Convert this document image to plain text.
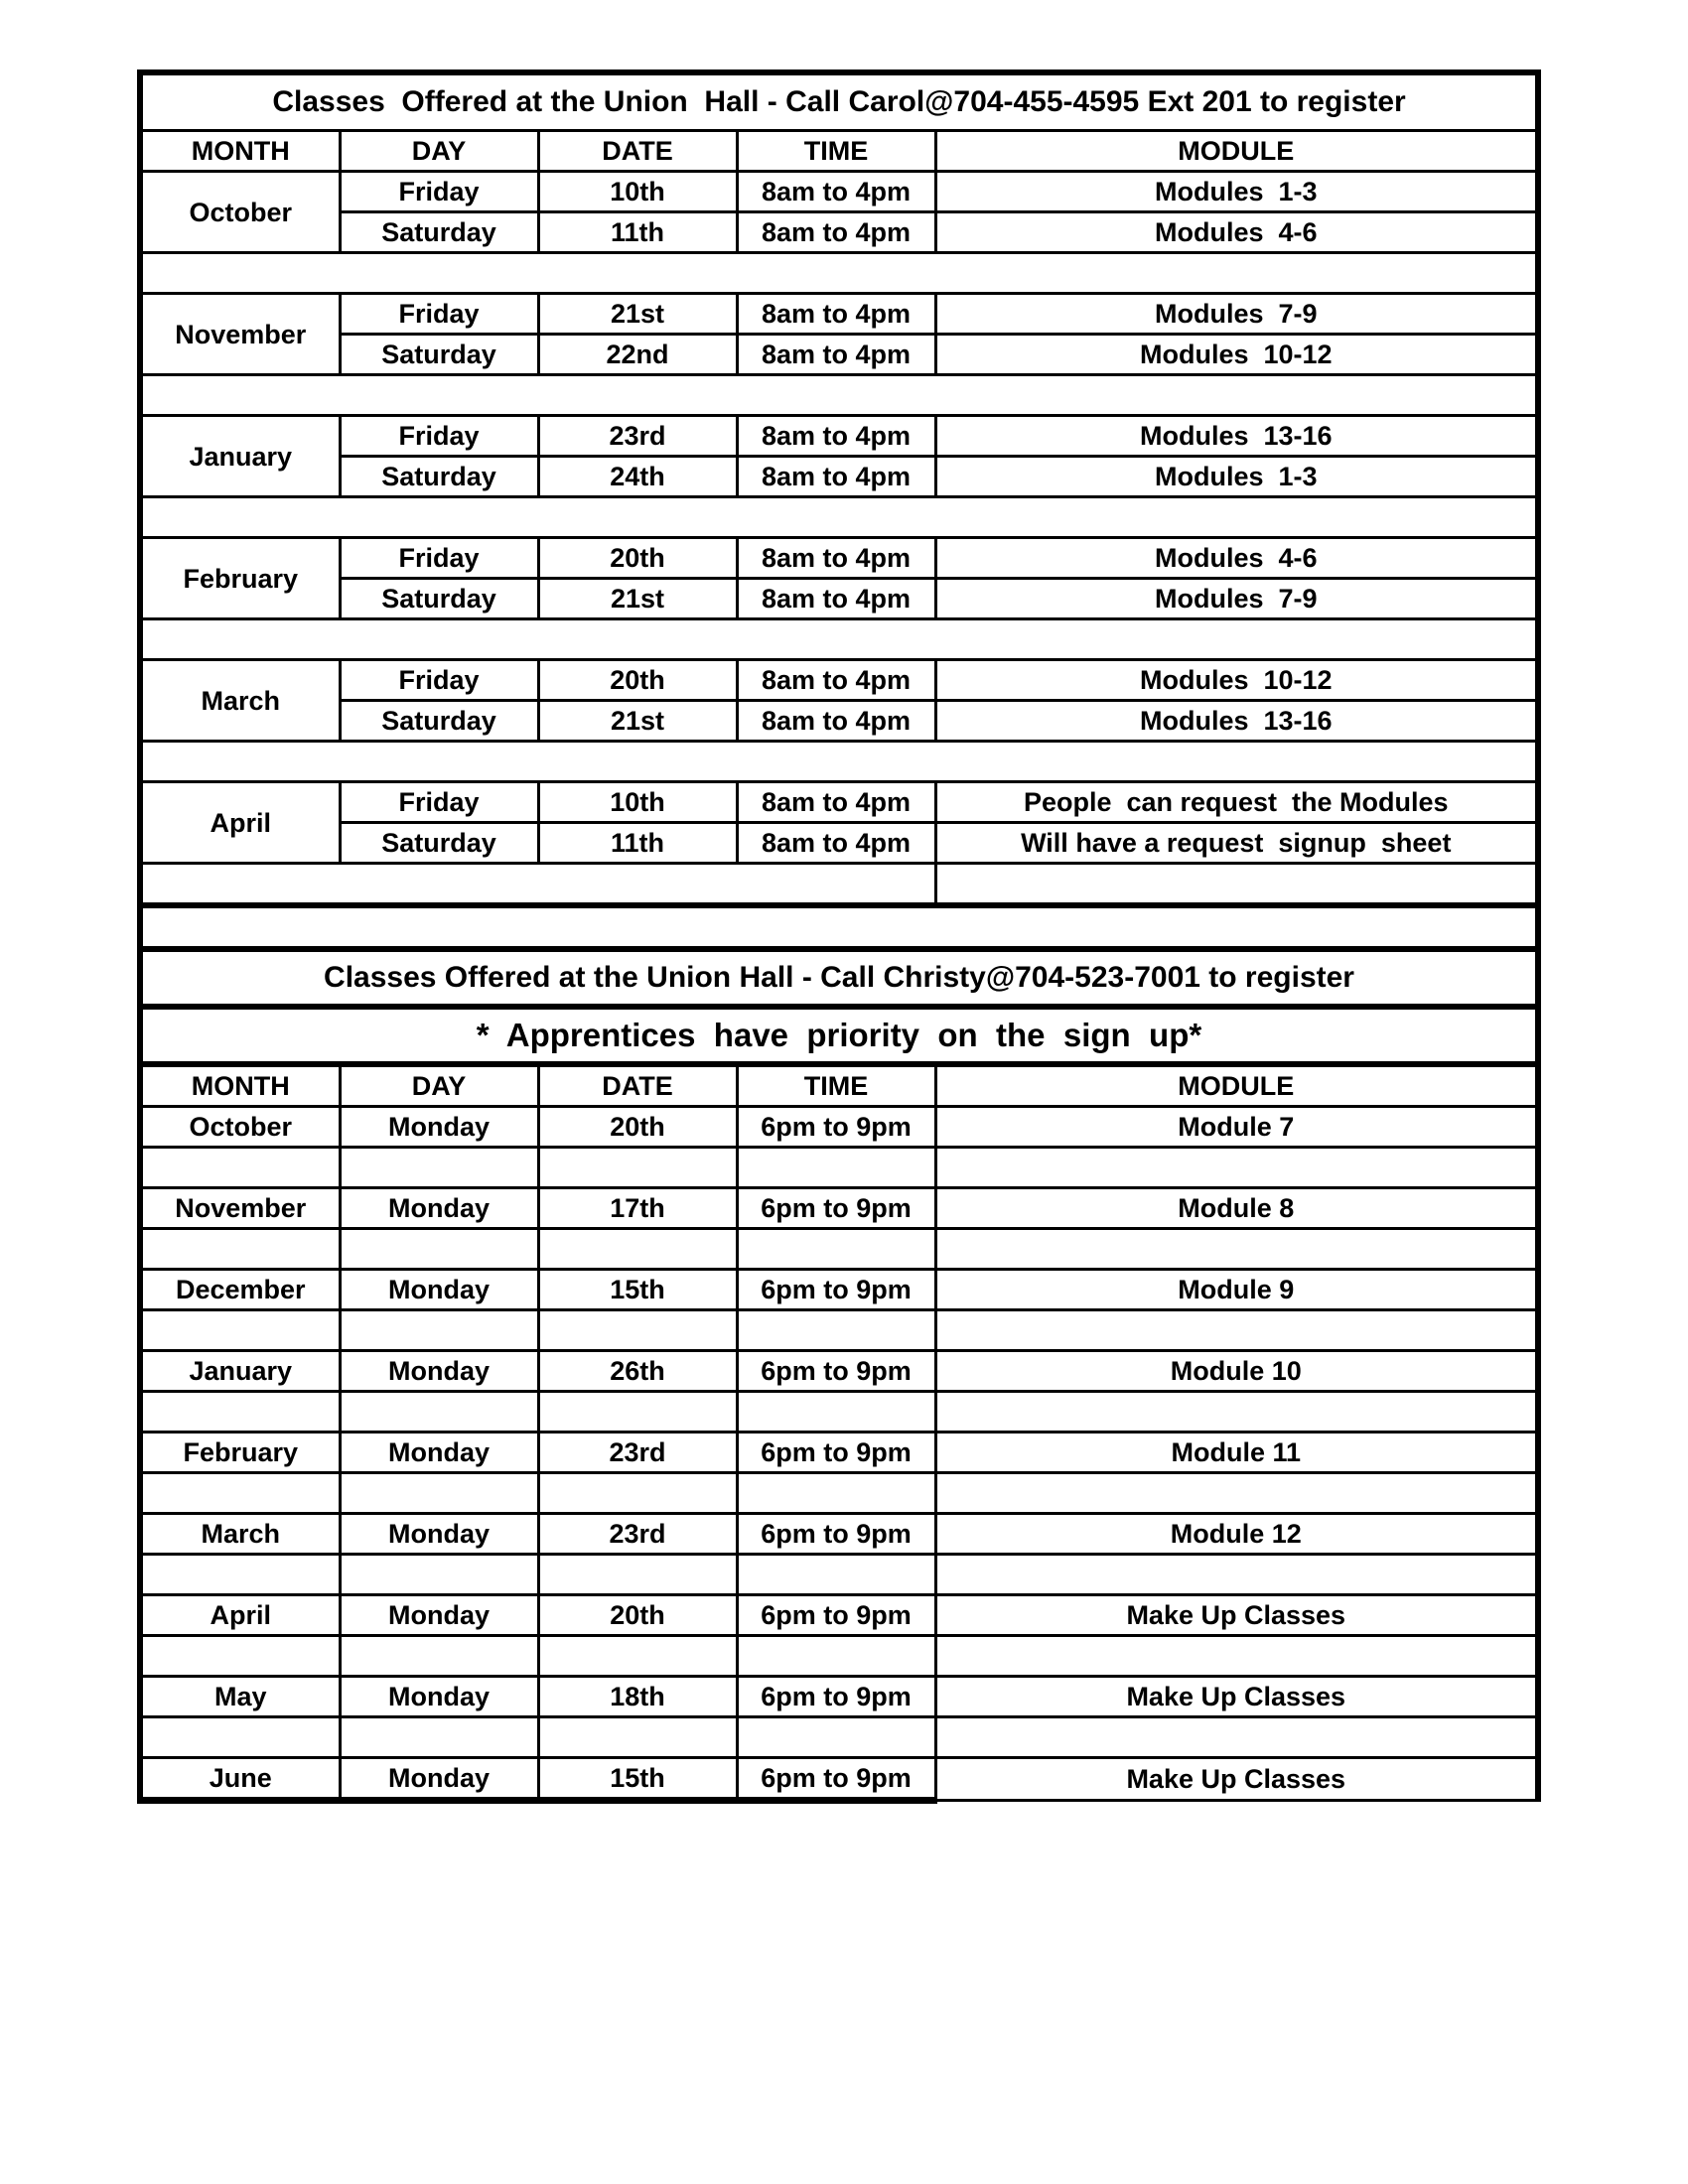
Classes  Offered at the Union  Hall - Call Carol@704-455-4595 Ext 201 to register				
MONTH	DAY	DATE	TIME	MODULE
October	Friday	10th	8am to 4pm	Modules  1-3
	Saturday	11th	8am to 4pm	Modules  4-6

November	Friday	21st	8am to 4pm	Modules  7-9
	Saturday	22nd	8am to 4pm	Modules  10-12

January	Friday	23rd	8am to 4pm	Modules  13-16
	Saturday	24th	8am to 4pm	Modules  1-3

February	Friday	20th	8am to 4pm	Modules  4-6
	Saturday	21st	8am to 4pm	Modules  7-9

March	Friday	20th	8am to 4pm	Modules  10-12
	Saturday	21st	8am to 4pm	Modules  13-16

April	Friday	10th	8am to 4pm	People  can request  the Modules
	Saturday	11th	8am to 4pm	Will have a request  signup  sheet

Classes Offered at the Union Hall - Call Christy@704-523-7001 to register				
*  Apprentices  have  priority  on  the  sign  up*				
MONTH	DAY	DATE	TIME	MODULE
October	Monday	20th	6pm to 9pm	Module 7

November	Monday	17th	6pm to 9pm	Module 8

December	Monday	15th	6pm to 9pm	Module 9

January	Monday	26th	6pm to 9pm	Module 10

February	Monday	23rd	6pm to 9pm	Module 11

March	Monday	23rd	6pm to 9pm	Module 12

April	Monday	20th	6pm to 9pm	Make Up Classes

May	Monday	18th	6pm to 9pm	Make Up Classes

June	Monday	15th	6pm to 9pm	Make Up Classes
